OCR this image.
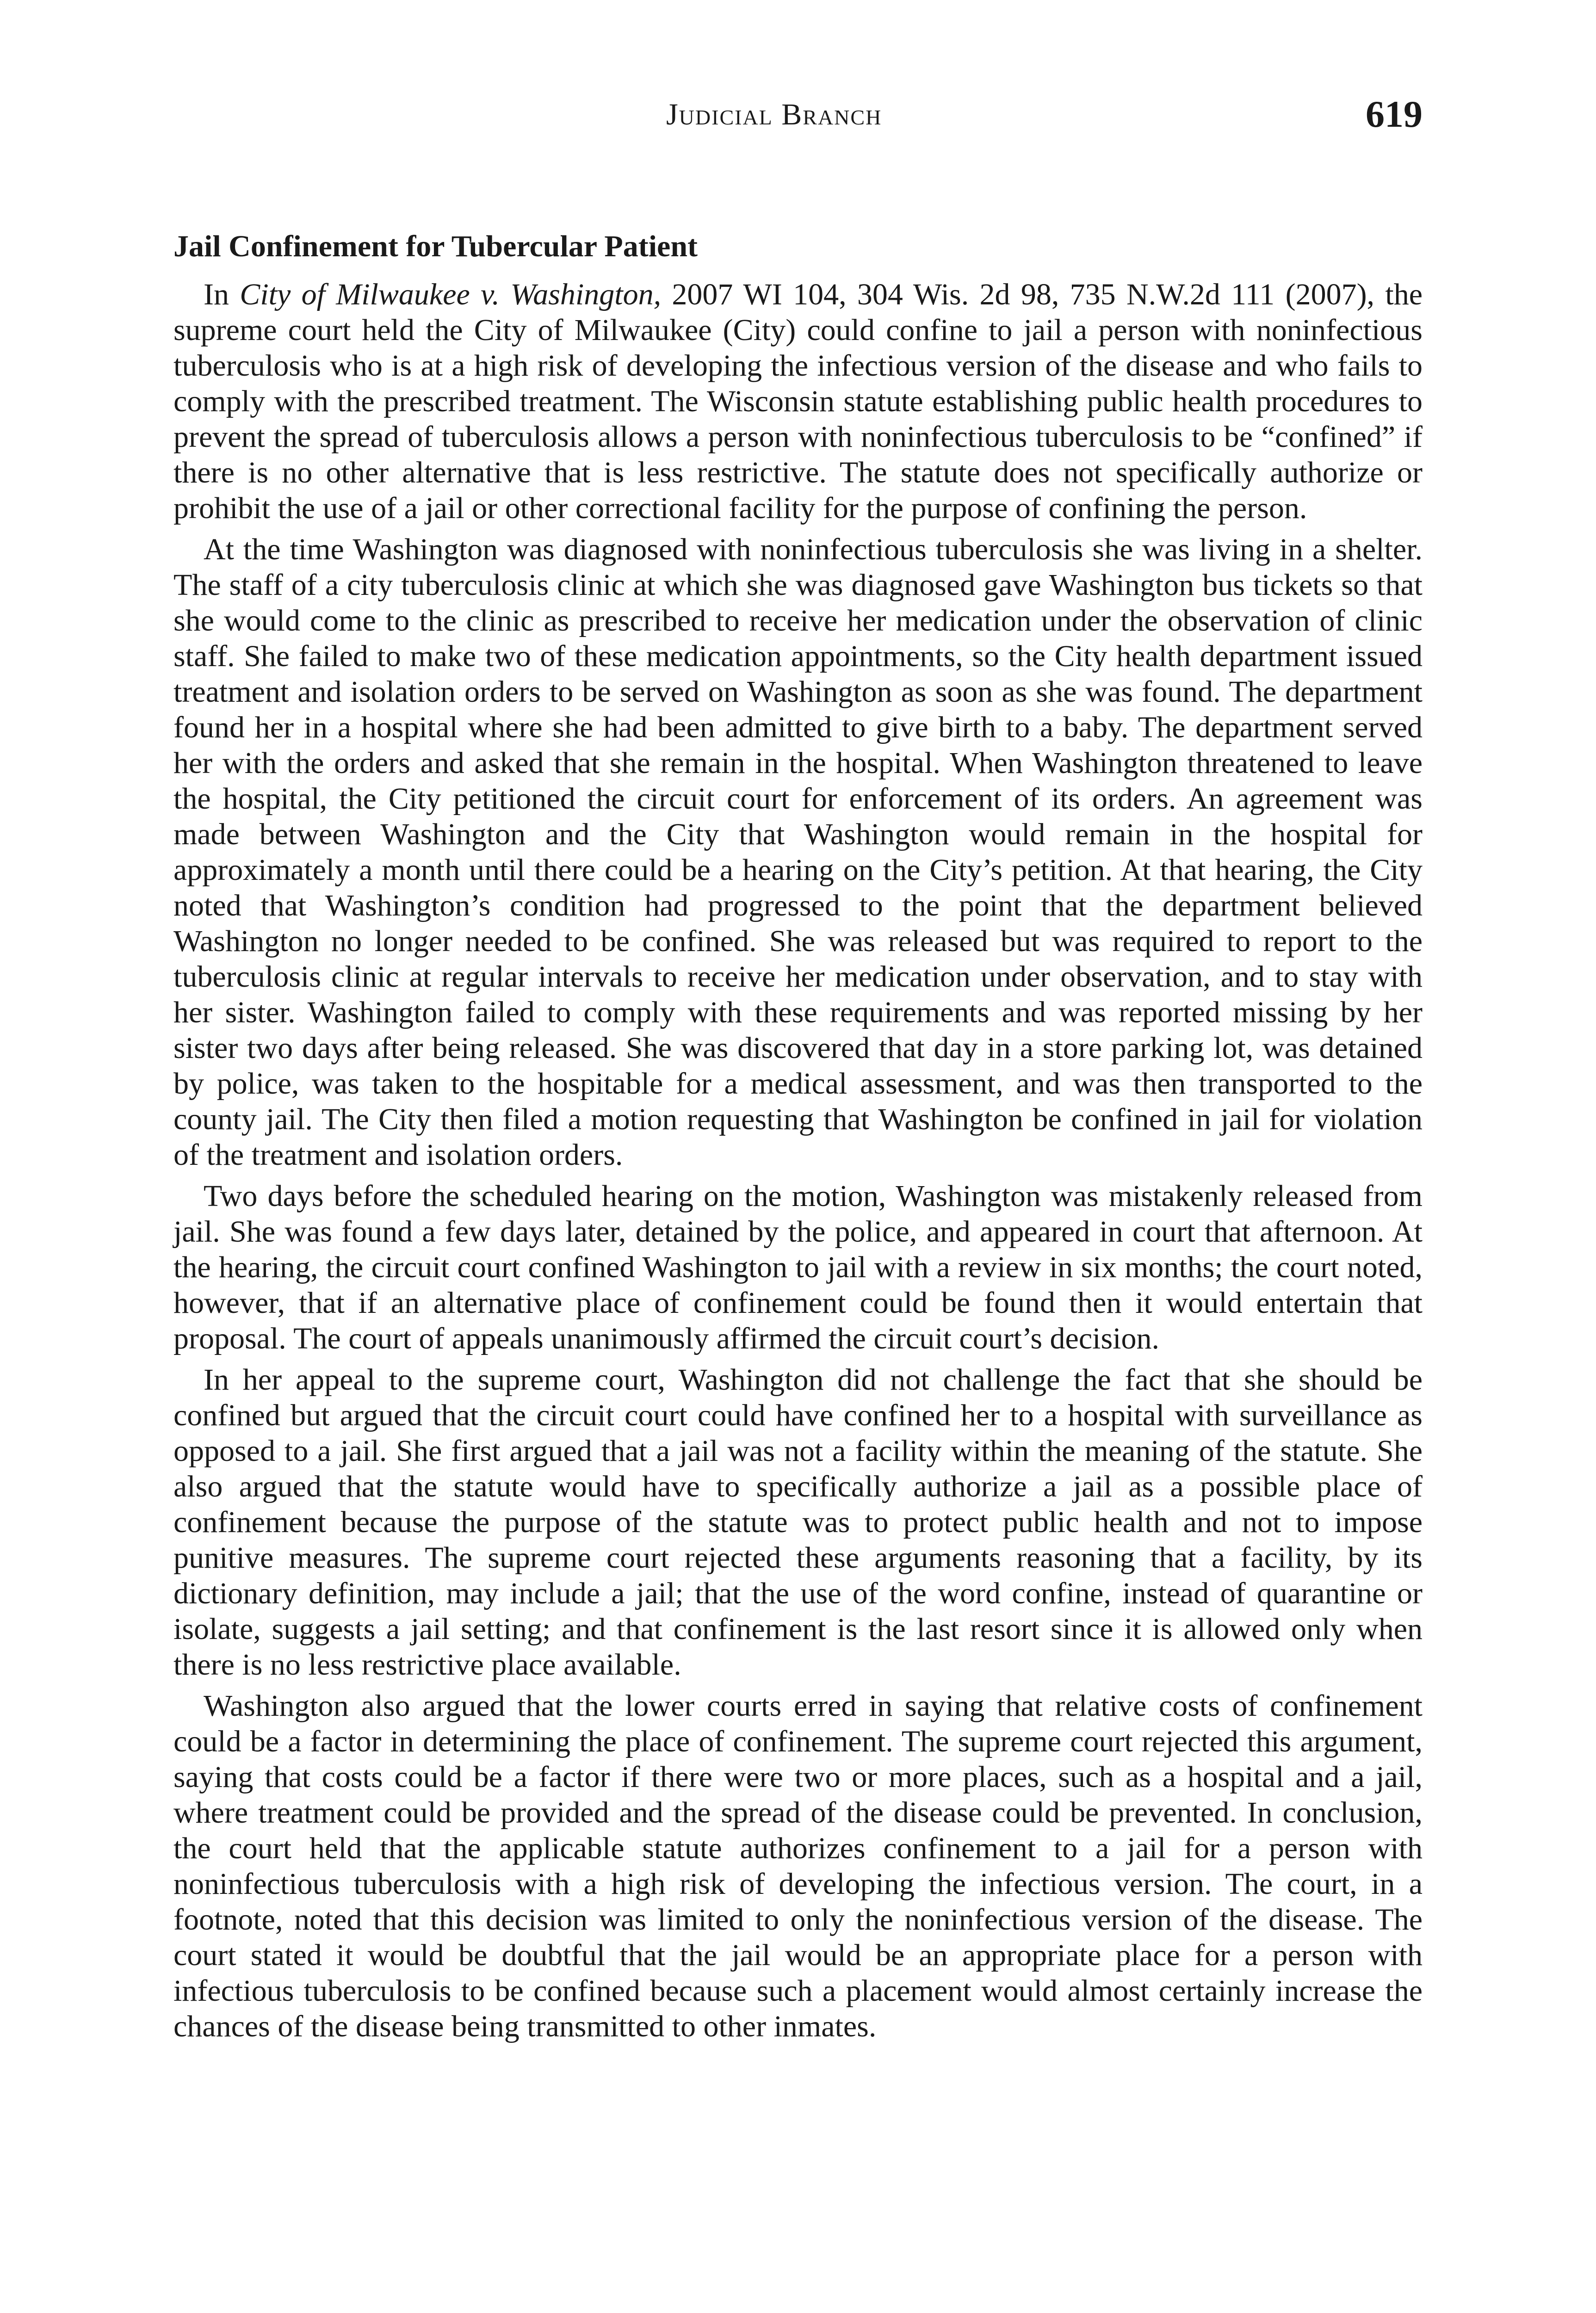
Judicial Branch	619
Jail Confinement for Tubercular Patient

In City of Milwaukee v. Washington, 2007 WI 104, 304 Wis. 2d 98, 735 N.W.2d 111 (2007), the supreme court held the City of Milwaukee (City) could confine to jail a person with noninfectious tuberculosis who is at a high risk of developing the infectious version of the disease and who fails to comply with the prescribed treatment. The Wisconsin statute establishing public health procedures to prevent the spread of tuberculosis allows a person with noninfectious tuberculosis to be “confined” if there is no other alternative that is less restrictive. The statute does not specifically authorize or prohibit the use of a jail or other correctional facility for the purpose of confining the person.

At the time Washington was diagnosed with noninfectious tuberculosis she was living in a shelter. The staff of a city tuberculosis clinic at which she was diagnosed gave Washington bus tickets so that she would come to the clinic as prescribed to receive her medication under the observation of clinic staff. She failed to make two of these medication appointments, so the City health department issued treatment and isolation orders to be served on Washington as soon as she was found. The department found her in a hospital where she had been admitted to give birth to a baby. The department served her with the orders and asked that she remain in the hospital. When Washington threatened to leave the hospital, the City petitioned the circuit court for enforcement of its orders. An agreement was made between Washington and the City that Washington would remain in the hospital for approximately a month until there could be a hearing on the City’s petition. At that hearing, the City noted that Washington’s condition had progressed to the point that the department believed Washington no longer needed to be confined. She was released but was required to report to the tuberculosis clinic at regular intervals to receive her medication under observation, and to stay with her sister. Washington failed to comply with these requirements and was reported missing by her sister two days after being released. She was discovered that day in a store parking lot, was detained by police, was taken to the hospitable for a medical assessment, and was then transported to the county jail. The City then filed a motion requesting that Washington be confined in jail for violation of the treatment and isolation orders.

Two days before the scheduled hearing on the motion, Washington was mistakenly released from jail. She was found a few days later, detained by the police, and appeared in court that afternoon. At the hearing, the circuit court confined Washington to jail with a review in six months; the court noted, however, that if an alternative place of confinement could be found then it would entertain that proposal. The court of appeals unanimously affirmed the circuit court’s decision.

In her appeal to the supreme court, Washington did not challenge the fact that she should be confined but argued that the circuit court could have confined her to a hospital with surveillance as opposed to a jail. She first argued that a jail was not a facility within the meaning of the statute. She also argued that the statute would have to specifically authorize a jail as a possible place of confinement because the purpose of the statute was to protect public health and not to impose punitive measures. The supreme court rejected these arguments reasoning that a facility, by its dictionary definition, may include a jail; that the use of the word confine, instead of quarantine or isolate, suggests a jail setting; and that confinement is the last resort since it is allowed only when there is no less restrictive place available.

Washington also argued that the lower courts erred in saying that relative costs of confinement could be a factor in determining the place of confinement. The supreme court rejected this argument, saying that costs could be a factor if there were two or more places, such as a hospital and a jail, where treatment could be provided and the spread of the disease could be prevented. In conclusion, the court held that the applicable statute authorizes confinement to a jail for a person with noninfectious tuberculosis with a high risk of developing the infectious version. The court, in a footnote, noted that this decision was limited to only the noninfectious version of the disease. The court stated it would be doubtful that the jail would be an appropriate place for a person with infectious tuberculosis to be confined because such a placement would almost certainly increase the chances of the disease being transmitted to other inmates.
